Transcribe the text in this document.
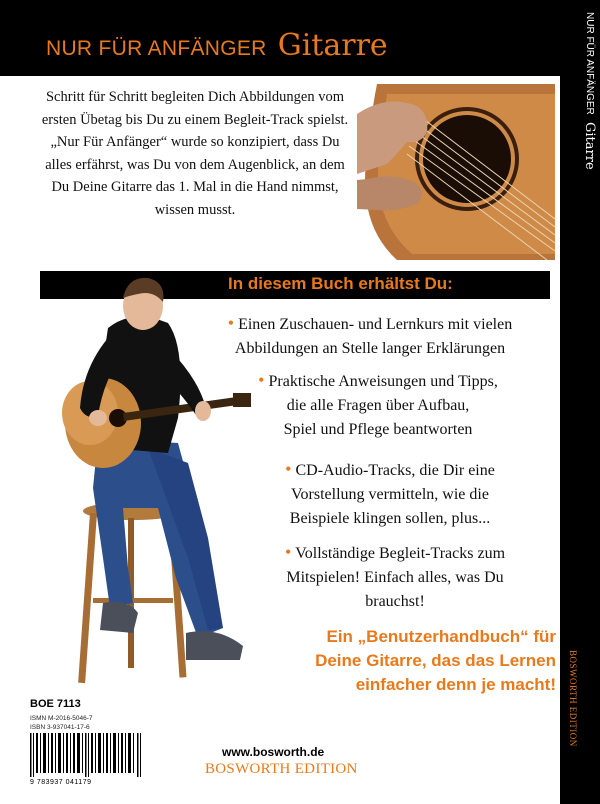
NUR FÜR ANFÄNGER Gitarre	NUR FÜR ANFÄNGER Gitarre
BOSWORTH EDITION
Schritt für Schritt begleiten Dich Abbildungen vom ersten Übetag bis Du zu einem Begleit-Track spielst. „Nur Für Anfänger“ wurde so konzipiert, dass Du alles erfährst, was Du von dem Augenblick, an dem Du Deine Gitarre das 1. Mal in die Hand nimmst, wissen musst.
In diesem Buch erhältst Du:
• Einen Zuschauen- und Lernkurs mit vielen
Abbildungen an Stelle langer Erklärungen
• Praktische Anweisungen und Tipps,
die alle Fragen über Aufbau,
Spiel und Pflege beantworten
• CD-Audio-Tracks, die Dir eine
Vorstellung vermitteln, wie die
Beispiele klingen sollen, plus...
• Vollständige Begleit-Tracks zum
Mitspielen! Einfach alles, was Du
brauchst!
Ein „Benutzerhandbuch“ für
Deine Gitarre, das das Lernen
einfacher denn je macht!
BOE 7113
ISMN M-2016-5046-7
ISBN 3-937041-17-6
9 783937 041179
www.bosworth.de
BOSWORTH EDITION
